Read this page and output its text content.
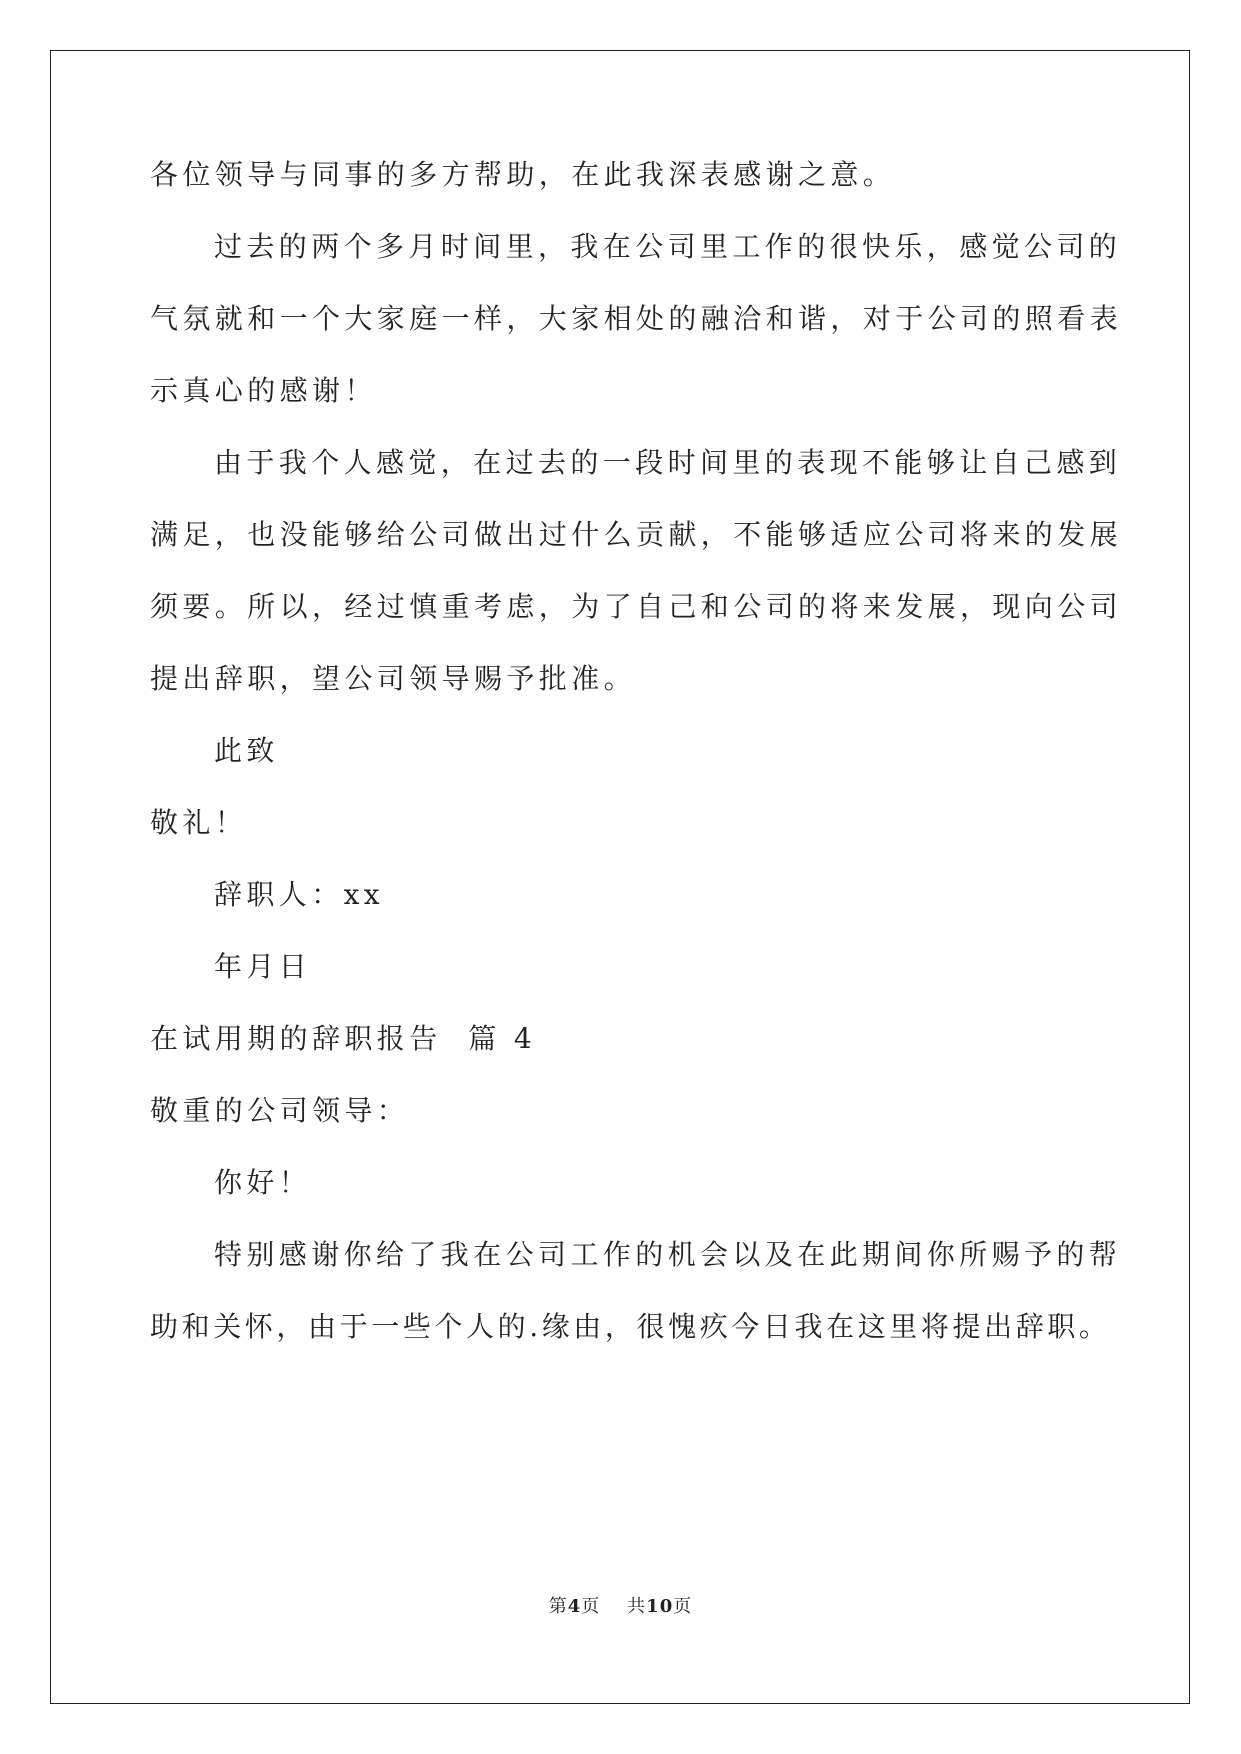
各位领导与同事的多方帮助，在此我深表感谢之意。

过去的两个多月时间里，我在公司里工作的很快乐，感觉公司的

气氛就和一个大家庭一样，大家相处的融洽和谐，对于公司的照看表

示真心的感谢！

由于我个人感觉，在过去的一段时间里的表现不能够让自己感到

满足，也没能够给公司做出过什么贡献，不能够适应公司将来的发展

须要。所以，经过慎重考虑，为了自己和公司的将来发展，现向公司

提出辞职，望公司领导赐予批准。

此致

敬礼！

辞职人：xx

年月日

在试用期的辞职报告  篇 4

敬重的公司领导：

你好！

特别感谢你给了我在公司工作的机会以及在此期间你所赐予的帮

助和关怀，由于一些个人的.缘由，很愧疚今日我在这里将提出辞职。

第4页 共10页
